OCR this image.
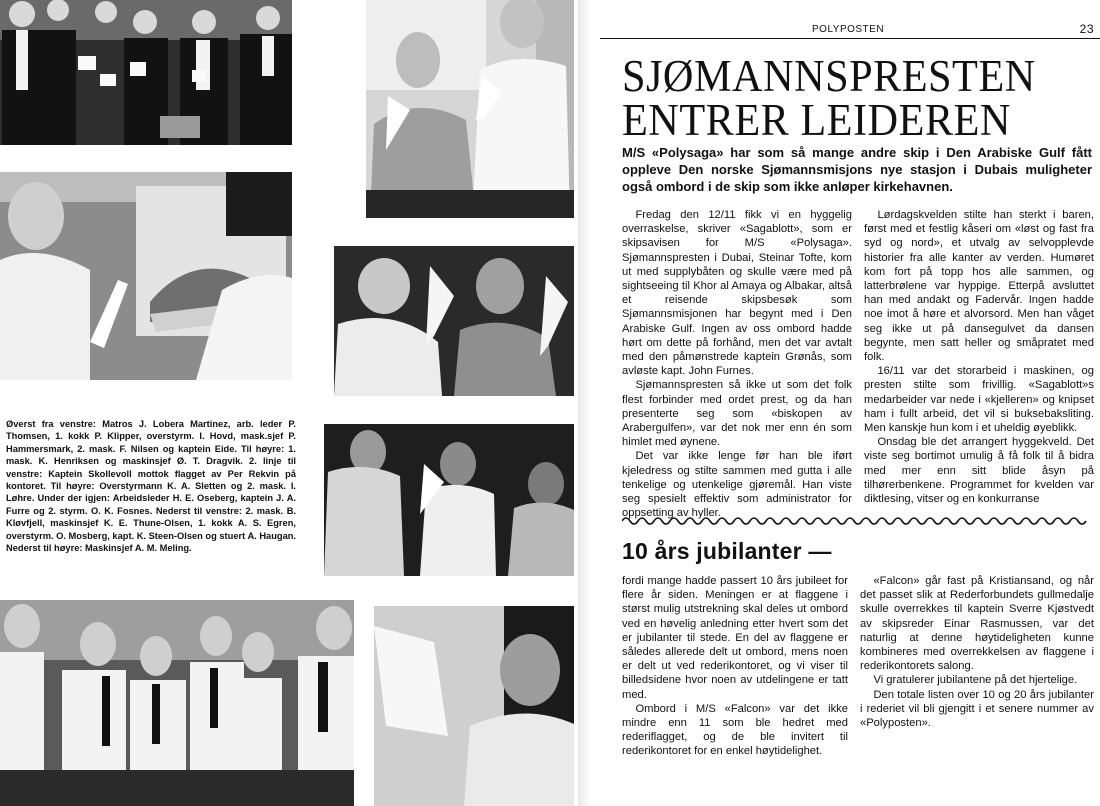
Øverst fra venstre: Matros J. Lobera Martinez, arb. leder P. Thomsen, 1. kokk P. Klipper, overstyrm. I. Hovd, mask.sjef P. Hammersmark, 2. mask. F. Nilsen og kaptein Eide. Til høyre: 1. mask. K. Henriksen og maskinsjef Ø. T. Dragvik. 2. linje til venstre: Kaptein Skollevoll mottok flagget av Per Rekvin på kontoret. Til høyre: Overstyrmann K. A. Sletten og 2. mask. I. Løhre. Under der igjen: Arbeidsleder H. E. Oseberg, kaptein J. A. Furre og 2. styrm. O. K. Fosnes. Nederst til venstre: 2. mask. B. Kløvfjell, maskinsjef K. E. Thune-Olsen, 1. kokk A. S. Egren, overstyrm. O. Mosberg, kapt. K. Steen-Olsen og stuert A. Haugan. Nederst til høyre: Maskinsjef A. M. Meling.
POLYPOSTEN	23
SJØMANNSPRESTEN
ENTRER LEIDEREN
M/S «Polysaga» har som så mange andre skip i Den Arabiske Gulf fått oppleve Den norske Sjømannsmisjons nye stasjon i Dubais muligheter også ombord i de skip som ikke anløper kirkehavnen.

Fredag den 12/11 fikk vi en hyggelig overraskelse, skriver «Sagablott», som er skipsavisen for M/S «Polysaga». Sjømannspresten i Dubai, Steinar Tofte, kom ut med supplybåten og skulle være med på sightseeing til Khor al Amaya og Albakar, altså et reisende skipsbesøk som Sjømannsmisjonen har begynt med i Den Arabiske Gulf. Ingen av oss ombord hadde hørt om dette på forhånd, men det var avtalt med den påmønstrede kaptein Grønås, som avløste kapt. John Furnes.

Sjømannspresten så ikke ut som det folk flest forbinder med ordet prest, og da han presenterte seg som «biskopen av Arabergulfen», var det nok mer enn én som himlet med øynene.

Det var ikke lenge før han ble iført kjeledress og stilte sammen med gutta i alle tenkelige og utenkelige gjøremål. Han viste seg spesielt effektiv som administrator for oppsetting av hyller.

Lørdagskvelden stilte han sterkt i baren, først med et festlig kåseri om «løst og fast fra syd og nord», et utvalg av selvopplevde historier fra alle kanter av verden. Humøret kom fort på topp hos alle sammen, og latterbrølene var hyppige. Etterpå avsluttet han med andakt og Fadervår. Ingen hadde noe imot å høre et alvorsord. Men han våget seg ikke ut på dansegulvet da dansen begynte, men satt heller og småpratet med folk.

16/11 var det storarbeid i maskinen, og presten stilte som frivillig. «Sagablott»s medarbeider var nede i «kjelleren» og knipset ham i fullt arbeid, det vil si buksebaksliting. Men kanskje hun kom i et uheldig øyeblikk.

Onsdag ble det arrangert hyggekveld. Det viste seg bortimot umulig å få folk til å bidra med mer enn sitt blide åsyn på tilhørerbenkene. Programmet for kvelden var diktlesing, vitser og en konkurranse

10 års jubilanter —

fordi mange hadde passert 10 års jubileet for flere år siden. Meningen er at flaggene i størst mulig utstrekning skal deles ut ombord ved en høvelig anledning etter hvert som det er jubilanter til stede. En del av flaggene er således allerede delt ut ombord, mens noen er delt ut ved rederikontoret, og vi viser til billedsidene hvor noen av utdelingene er tatt med.

Ombord i M/S «Falcon» var det ikke mindre enn 11 som ble hedret med rederiflagget, og de ble invitert til rederikontoret for en enkel høytidelighet.

«Falcon» går fast på Kristiansand, og når det passet slik at Rederforbundets gullmedalje skulle overrekkes til kaptein Sverre Kjøstvedt av skipsreder Einar Rasmussen, var det naturlig at denne høytideligheten kunne kombineres med overrekkelsen av flaggene i rederikontorets salong.

Vi gratulerer jubilantene på det hjertelige.

Den totale listen over 10 og 20 års jubilanter i rederiet vil bli gjengitt i et senere nummer av «Polyposten».
